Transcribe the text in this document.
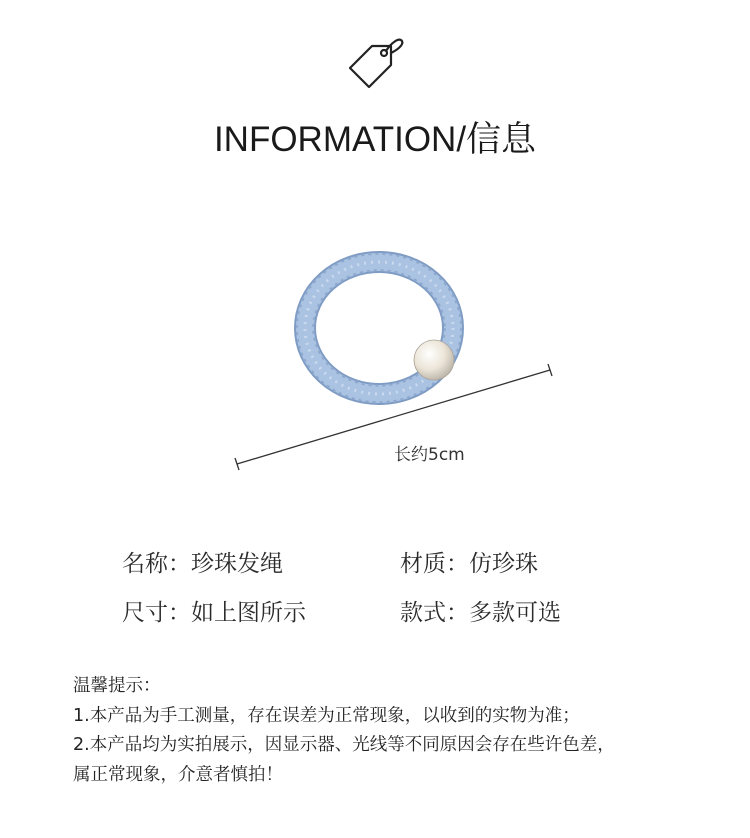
INFORMATION/信息
长约5cm
名称：珍珠发绳	材质：仿珍珠
尺寸：如上图所示	款式：多款可选
温馨提示：
1.本产品为手工测量，存在误差为正常现象，以收到的实物为准；
2.本产品均为实拍展示，因显示器、光线等不同原因会存在些许色差，
属正常现象，介意者慎拍！
